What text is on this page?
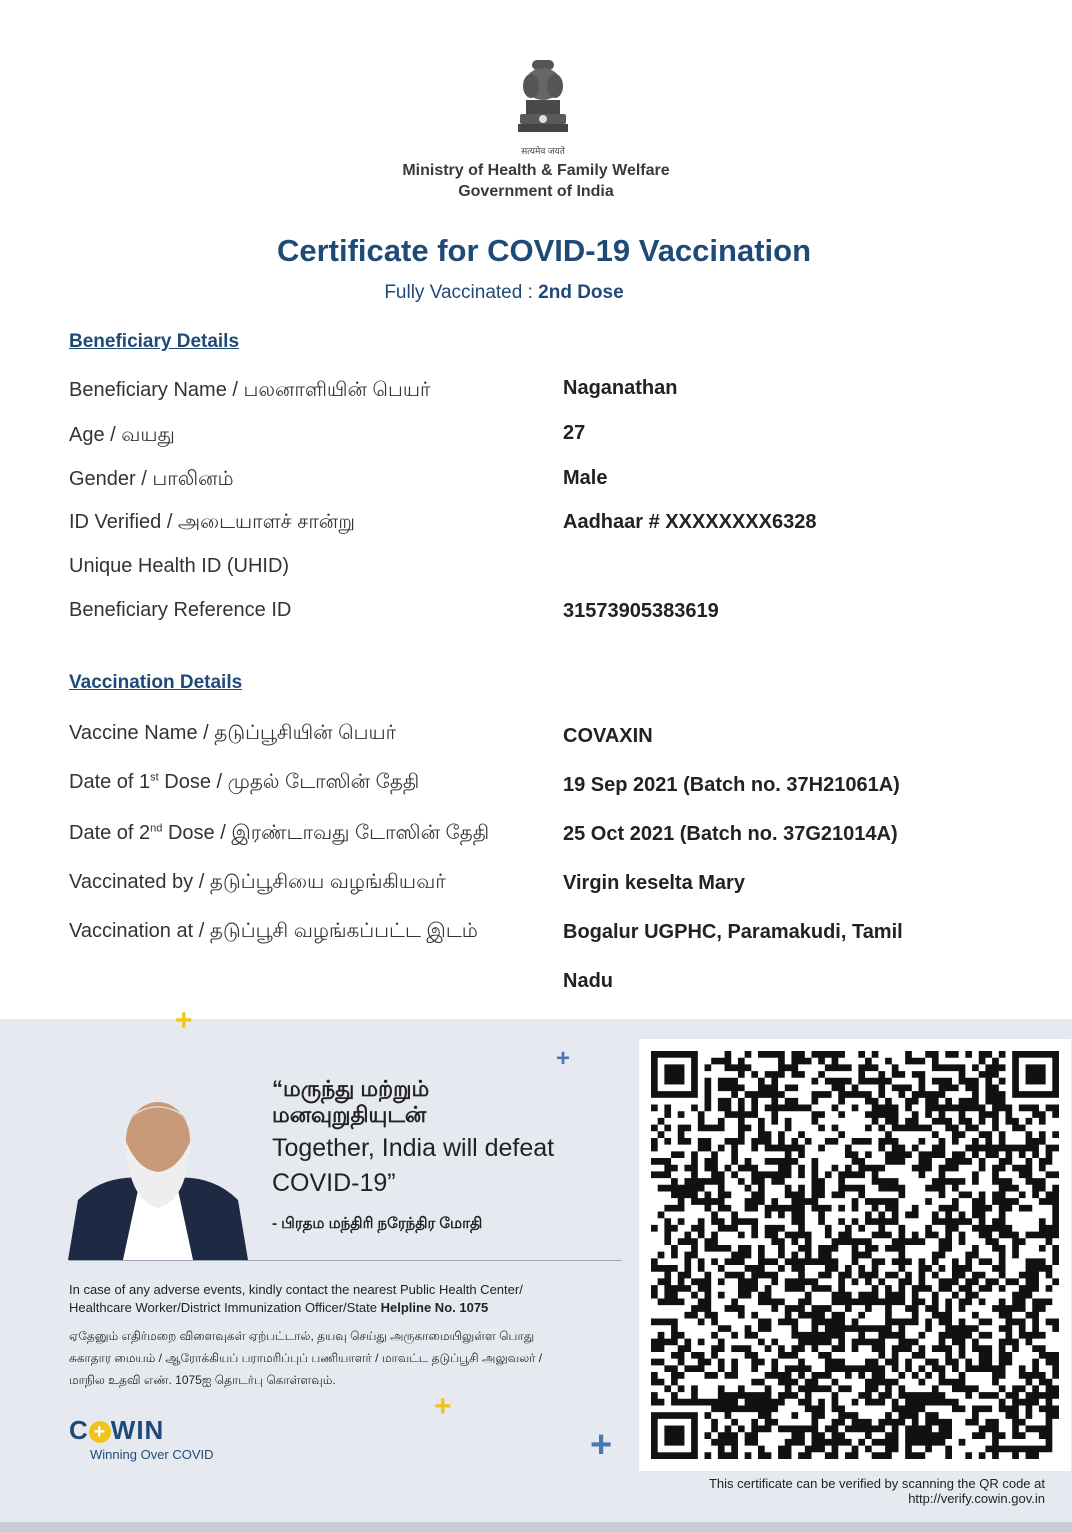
सत्यमेव जयते
Ministry of Health & Family Welfare
Government of India
Certificate for COVID-19 Vaccination
Fully Vaccinated : 2nd Dose
Beneficiary Details
Beneficiary Name / பலனாளியின் பெயர்	Naganathan
Age / வயது	27
Gender / பாலினம்	Male
ID Verified / அடையாளச் சான்று	Aadhaar # XXXXXXXX6328
Unique Health ID (UHID)
Beneficiary Reference ID	31573905383619
Vaccination Details
Vaccine Name / தடுப்பூசியின் பெயர்	COVAXIN
Date of 1st Dose / முதல் டோஸின் தேதி	19 Sep 2021 (Batch no. 37H21061A)
Date of 2nd Dose / இரண்டாவது டோஸின் தேதி	25 Oct 2021 (Batch no. 37G21014A)
Vaccinated by / தடுப்பூசியை வழங்கியவர்	Virgin keselta Mary
Vaccination at / தடுப்பூசி வழங்கப்பட்ட இடம்	Bogalur UGPHC, Paramakudi, Tamil
Nadu
+
+
+
+
“மருந்து மற்றும்
மனவுறுதியுடன்
Together, India will defeat
COVID-19”
- பிரதம மந்திரி நரேந்திர மோதி
In case of any adverse events, kindly contact the nearest Public Health Center/
Healthcare Worker/District Immunization Officer/State Helpline No. 1075
ஏதேனும் எதிர்மறை விளைவுகள் ஏற்பட்டால், தயவு செய்து அருகாமையிலுள்ள பொது
சுகாதார மையம் / ஆரோக்கியப் பராமரிப்புப் பணியாளர் / மாவட்ட தடுப்பூசி அலுவலர் /
மாநில உதவி எண். 1075ஐ தொடர்பு கொள்ளவும்.
C + WIN
Winning Over COVID
This certificate can be verified by scanning the QR code at
http://verify.cowin.gov.in
